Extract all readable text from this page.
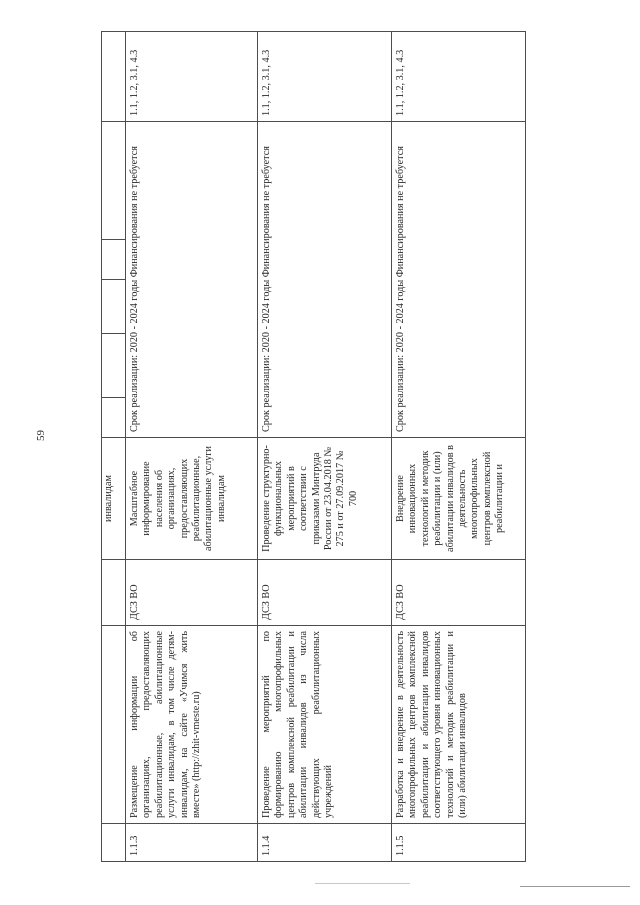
59
			инвалидам						
1.1.3	Размещение информации об организациях, предоставляющих реабилитационные, абилитационные услуги инвалидам, в том числе детям-инвалидам, на сайте «Учимся жить вместе» (http://zhit-vmeste.ru)	ДСЗ ВО	Масштабное информирование населения об организациях, предоставляющих реабилитационные, абилитационные услуги инвалидам	Срок реализации: 2020 - 2024 годы Финансирования не требуется					1.1, 1.2, 3.1, 4.3
1.1.4	Проведение мероприятий по формированию многопрофильных центров комплексной реабилитации и абилитации инвалидов из числа действующих реабилитационных учреждений	ДСЗ ВО	Проведение структурно-функциональных мероприятий в соответствии с приказами Минтруда России от 23.04.2018 № 275 и от 27.09.2017 № 700	Срок реализации: 2020 - 2024 годы Финансирования не требуется					1.1, 1.2, 3.1, 4.3
1.1.5	Разработка и внедрение в деятельность многопрофильных центров комплексной реабилитации и абилитации инвалидов соответствующего уровня инновационных технологий и методик реабилитации и (или) абилитации инвалидов	ДСЗ ВО	Внедрение инновационных технологий и методик реабилитации и (или) абилитации инвалидов в деятельность многопрофильных центров комплексной реабилитации и	Срок реализации: 2020 - 2024 годы Финансирования не требуется					1.1, 1.2, 3.1, 4.3
